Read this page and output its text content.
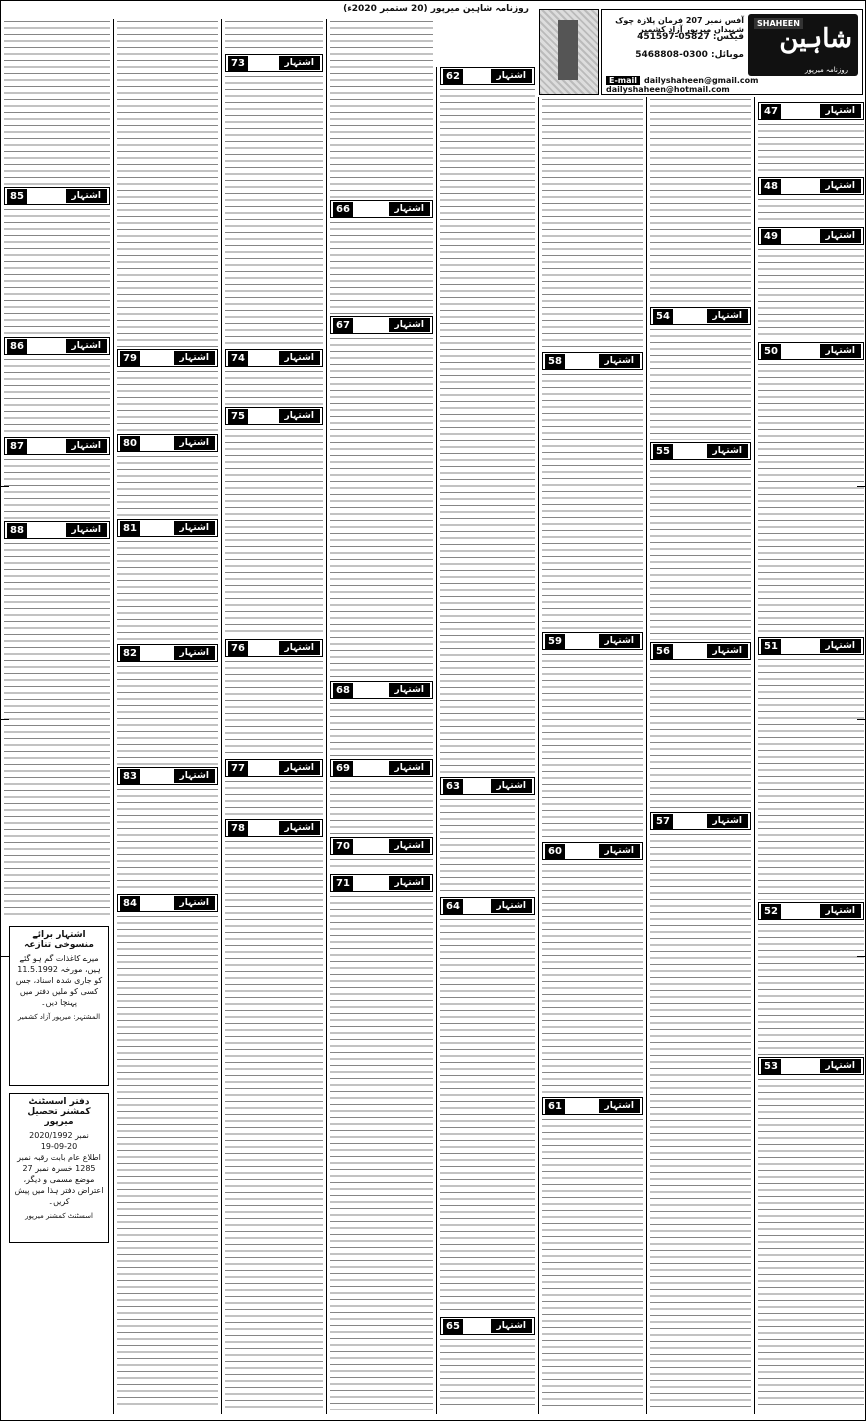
روزنامہ شاہین میرپور (20 ستمبر 2020ء)
SHAHEEN
شاہین
روزنامہ میرپور
آفس نمبر 207 فرمان پلازہ چوک شہیداں میرپور آزاد کشمیر
فیکس: 05827-451597
موبائل: 0300-5468808
E-mail dailyshaheen@gmail.com dailyshaheen@hotmail.com
85	اشتہار
86	اشتہار
87	اشتہار
88	اشتہار
79	اشتہار
80	اشتہار
81	اشتہار
82	اشتہار
83	اشتہار
84	اشتہار
73	اشتہار
74	اشتہار
75	اشتہار
76	اشتہار
77	اشتہار
78	اشتہار
66	اشتہار
67	اشتہار
68	اشتہار
69	اشتہار
70	اشتہار
71	اشتہار
62	اشتہار
63	اشتہار
64	اشتہار
65	اشتہار
58	اشتہار
59	اشتہار
60	اشتہار
61	اشتہار
54	اشتہار
55	اشتہار
56	اشتہار
57	اشتہار
47	اشتہار
48	اشتہار
49	اشتہار
50	اشتہار
51	اشتہار
52	اشتہار
53	اشتہار
اشتہار برائے منسوخی تنازعہ
میرے کاغذات گم ہو گئے ہیں، مورخہ 11.5.1992 کو جاری شدہ اسناد، جس کسی کو ملیں دفتر میں پہنچا دیں۔
المشتہر: میرپور آزاد کشمیر
دفتر اسسٹنٹ کمشنر تحصیل میرپور
نمبر 2020/1992
19-09-20
اطلاع عام بابت رقبہ نمبر 1285 خسرہ نمبر 27 موضع مسمی و دیگر، اعتراض دفتر ہذا میں پیش کریں۔
اسسٹنٹ کمشنر میرپور
